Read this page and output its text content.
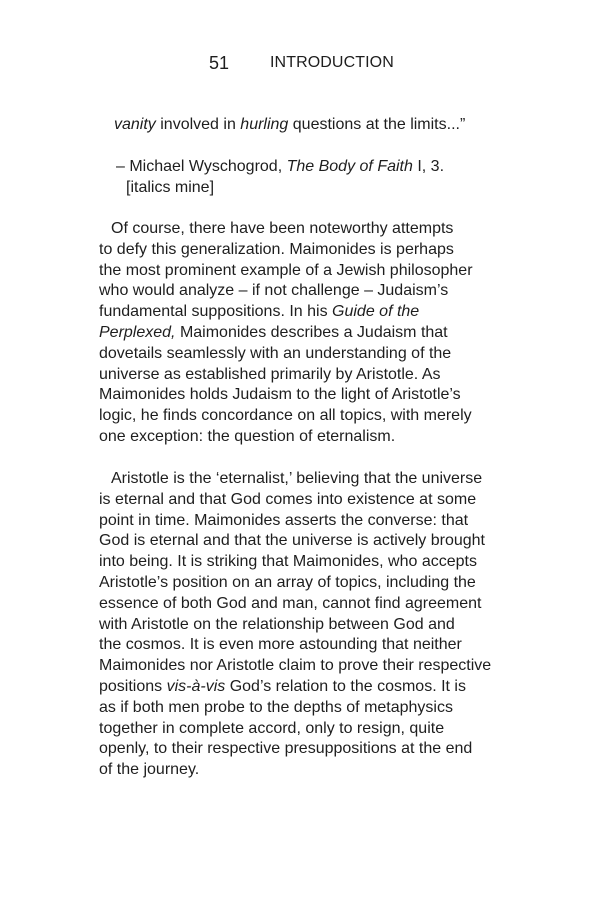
51	INTRODUCTION
vanity involved in hurling questions at the limits...”
– Michael Wyschogrod, The Body of Faith I, 3.
[italics mine]
Of course, there have been noteworthy attempts
to defy this generalization. Maimonides is perhaps
the most prominent example of a Jewish philosopher
who would analyze – if not challenge – Judaism’s
fundamental suppositions. In his Guide of the
Perplexed, Maimonides describes a Judaism that
dovetails seamlessly with an understanding of the
universe as established primarily by Aristotle. As
Maimonides holds Judaism to the light of Aristotle’s
logic, he finds concordance on all topics, with merely
one exception: the question of eternalism.
Aristotle is the ‘eternalist,’ believing that the universe
is eternal and that God comes into existence at some
point in time. Maimonides asserts the converse: that
God is eternal and that the universe is actively brought
into being. It is striking that Maimonides, who accepts
Aristotle’s position on an array of topics, including the
essence of both God and man, cannot find agreement
with Aristotle on the relationship between God and
the cosmos. It is even more astounding that neither
Maimonides nor Aristotle claim to prove their respective
positions vis-à-vis God’s relation to the cosmos. It is
as if both men probe to the depths of metaphysics
together in complete accord, only to resign, quite
openly, to their respective presuppositions at the end
of the journey.
